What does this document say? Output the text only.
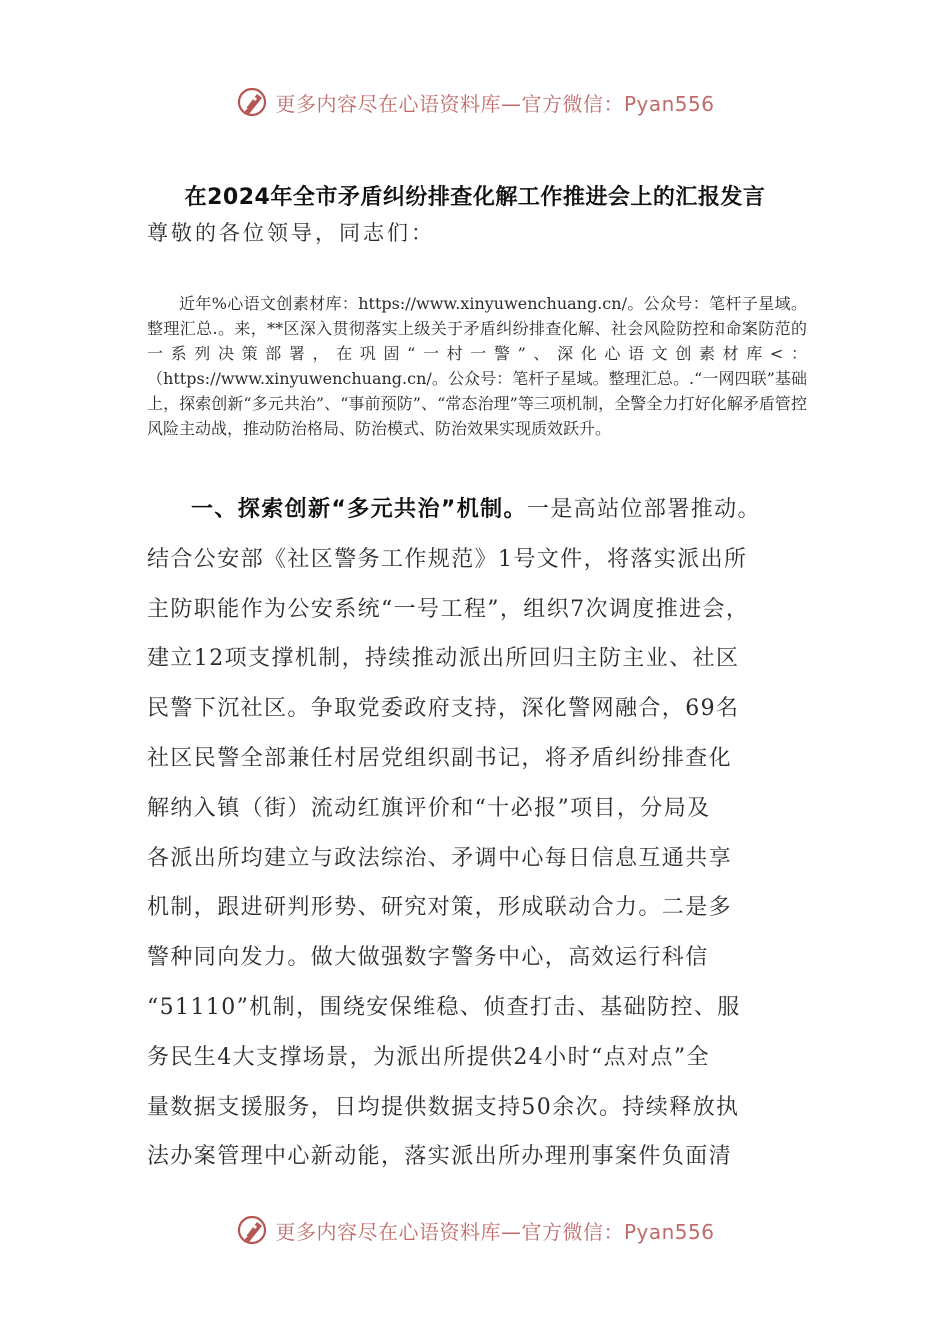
更多内容尽在心语资料库—官方微信：Pyan556
在2024年全市矛盾纠纷排查化解工作推进会上的汇报发言
尊敬的各位领导，同志们：

近年%心语文创素材库：https://www.xinyuwenchuang.cn/。公众号：笔杆子星域。整理汇总.。来，**区深入贯彻落实上级关于矛盾纠纷排查化解、社会风险防控和命案防范的一系列决策部署，在巩固“一村一警”、深化心语文创素材库<：（https://www.xinyuwenchuang.cn/。公众号：笔杆子星域。整理汇总。.“一网四联”基础上，探索创新“多元共治”、“事前预防”、“常态治理”等三项机制，全警全力打好化解矛盾管控风险主动战，推动防治格局、防治模式、防治效果实现质效跃升。

一、探索创新“多元共治”机制。一是高站位部署推动。
结合公安部《社区警务工作规范》1号文件，将落实派出所
主防职能作为公安系统“一号工程”，组织7次调度推进会，
建立12项支撑机制，持续推动派出所回归主防主业、社区
民警下沉社区。争取党委政府支持，深化警网融合，69名
社区民警全部兼任村居党组织副书记，将矛盾纠纷排查化
解纳入镇（街）流动红旗评价和“十必报”项目，分局及
各派出所均建立与政法综治、矛调中心每日信息互通共享
机制，跟进研判形势、研究对策，形成联动合力。二是多
警种同向发力。做大做强数字警务中心，高效运行科信
“51110”机制，围绕安保维稳、侦查打击、基础防控、服
务民生4大支撑场景，为派出所提供24小时“点对点”全
量数据支援服务，日均提供数据支持50余次。持续释放执
法办案管理中心新动能，落实派出所办理刑事案件负面清
更多内容尽在心语资料库—官方微信：Pyan556
